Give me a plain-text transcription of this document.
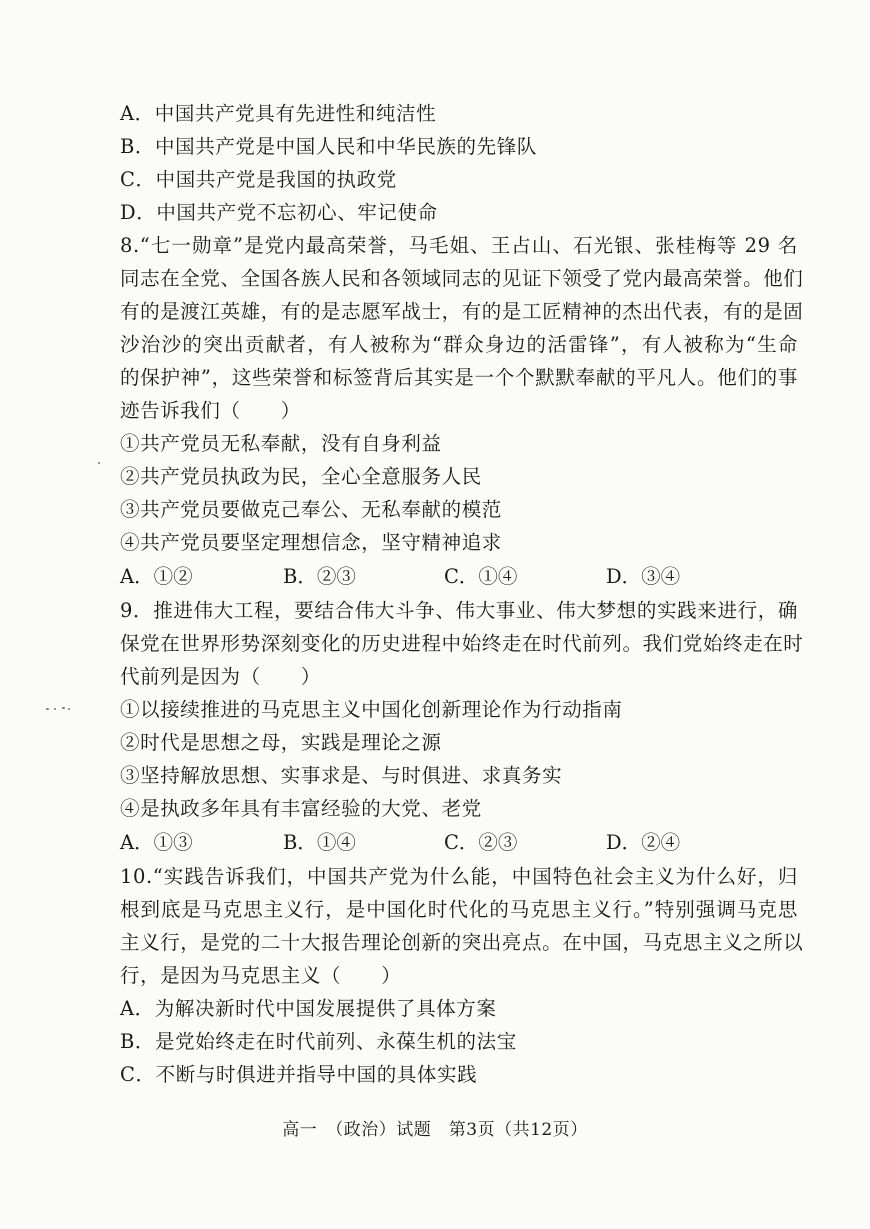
A．中国共产党具有先进性和纯洁性
B．中国共产党是中国人民和中华民族的先锋队
C．中国共产党是我国的执政党
D．中国共产党不忘初心、牢记使命
8.“七一勋章”是党内最高荣誉，马毛姐、王占山、石光银、张桂梅等 29 名
同志在全党、全国各族人民和各领域同志的见证下领受了党内最高荣誉。他们
有的是渡江英雄，有的是志愿军战士，有的是工匠精神的杰出代表，有的是固
沙治沙的突出贡献者，有人被称为“群众身边的活雷锋”，有人被称为“生命
的保护神”，这些荣誉和标签背后其实是一个个默默奉献的平凡人。他们的事
迹告诉我们（　　）
①共产党员无私奉献，没有自身利益
②共产党员执政为民，全心全意服务人民
③共产党员要做克己奉公、无私奉献的模范
④共产党员要坚定理想信念，坚守精神追求
A．①②	B．②③	C．①④	D．③④
9．推进伟大工程，要结合伟大斗争、伟大事业、伟大梦想的实践来进行，确
保党在世界形势深刻变化的历史进程中始终走在时代前列。我们党始终走在时
代前列是因为（　　）
①以接续推进的马克思主义中国化创新理论作为行动指南
②时代是思想之母，实践是理论之源
③坚持解放思想、实事求是、与时俱进、求真务实
④是执政多年具有丰富经验的大党、老党
A．①③	B．①④	C．②③	D．②④
10.“实践告诉我们，中国共产党为什么能，中国特色社会主义为什么好，归
根到底是马克思主义行，是中国化时代化的马克思主义行。”特别强调马克思
主义行，是党的二十大报告理论创新的突出亮点。在中国，马克思主义之所以
行，是因为马克思主义（　　）
A．为解决新时代中国发展提供了具体方案
B．是党始终走在时代前列、永葆生机的法宝
C．不断与时俱进并指导中国的具体实践
高一　（政治）试题　第3页（共12页）
